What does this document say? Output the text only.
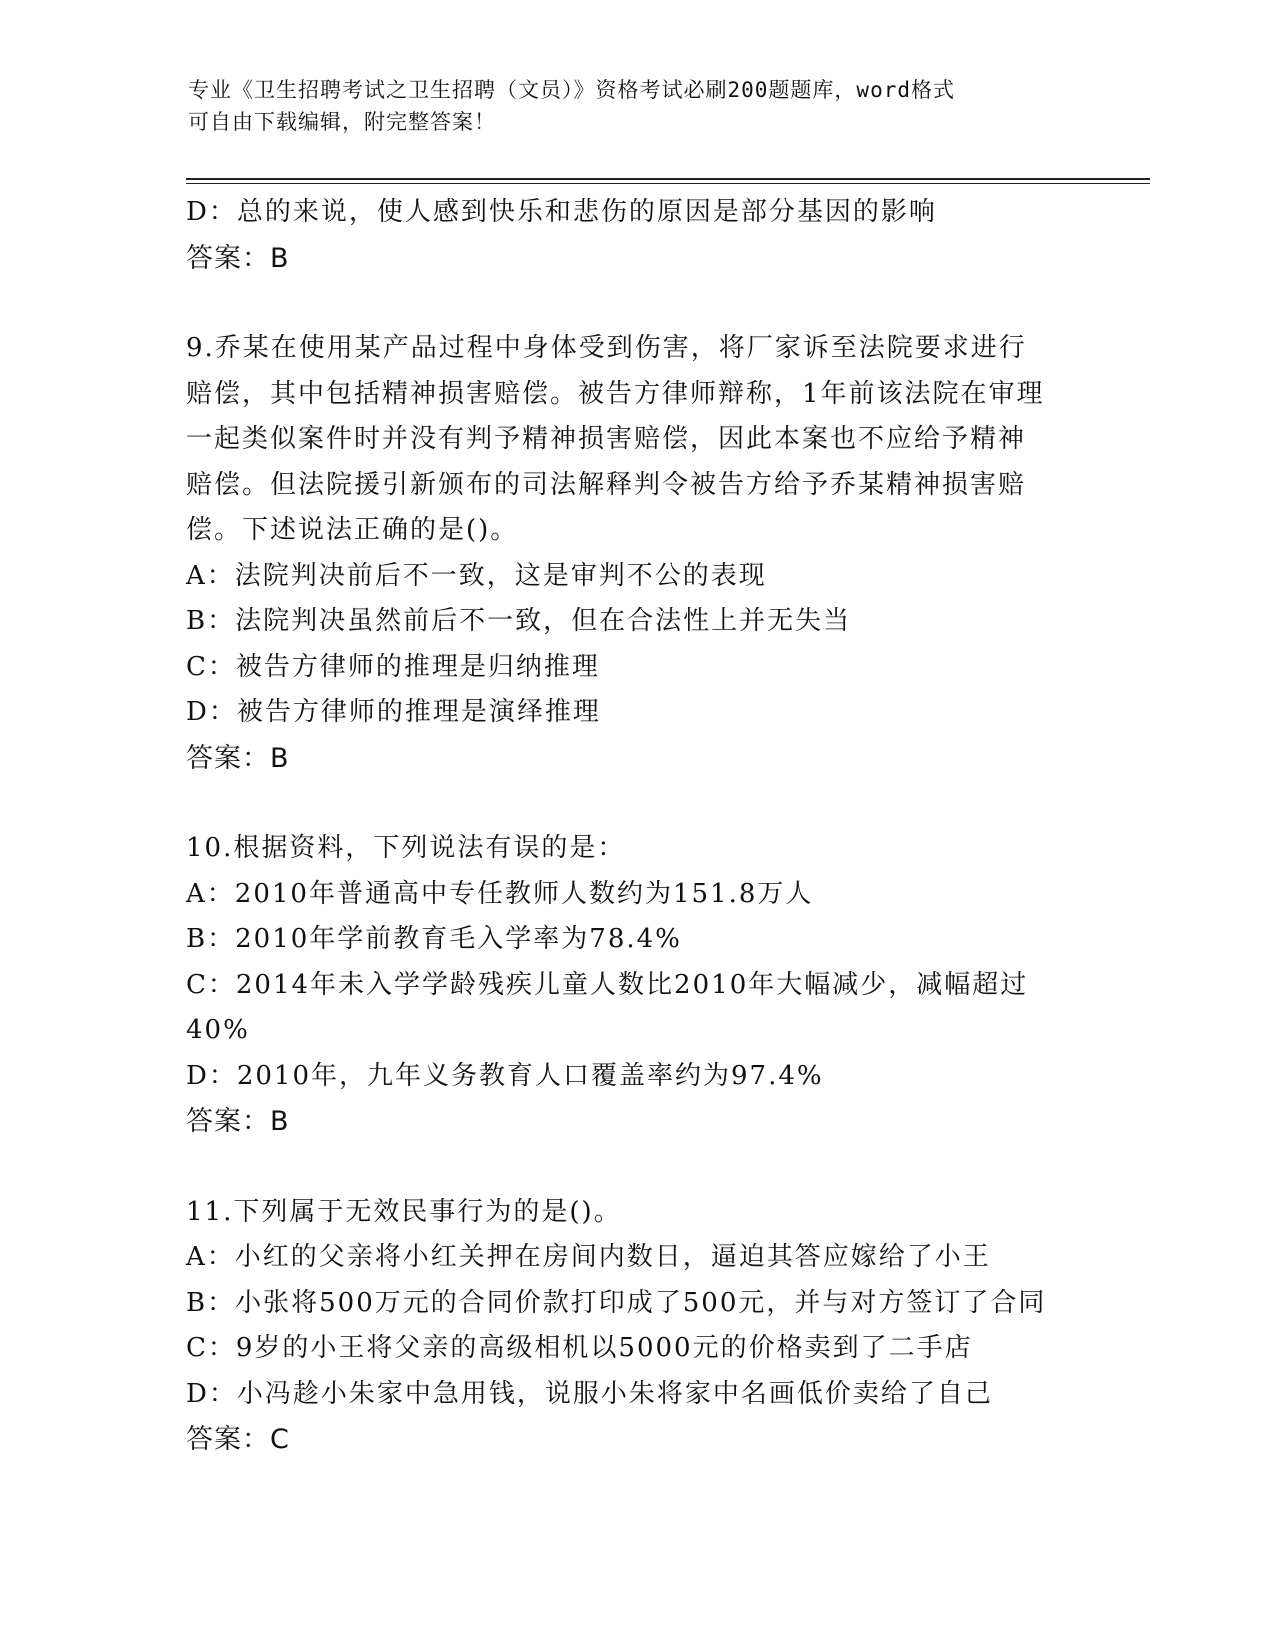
专业《卫生招聘考试之卫生招聘（文员）》资格考试必刷200题题库，word格式
可自由下载编辑，附完整答案！
D：总的来说，使人感到快乐和悲伤的原因是部分基因的影响
答案：B
9.乔某在使用某产品过程中身体受到伤害，将厂家诉至法院要求进行
赔偿，其中包括精神损害赔偿。被告方律师辩称，1年前该法院在审理
一起类似案件时并没有判予精神损害赔偿，因此本案也不应给予精神
赔偿。但法院援引新颁布的司法解释判令被告方给予乔某精神损害赔
偿。下述说法正确的是()。
A：法院判决前后不一致，这是审判不公的表现
B：法院判决虽然前后不一致，但在合法性上并无失当
C：被告方律师的推理是归纳推理
D：被告方律师的推理是演绎推理
答案：B
10.根据资料，下列说法有误的是：
A：2010年普通高中专任教师人数约为151.8万人
B：2010年学前教育毛入学率为78.4%
C：2014年未入学学龄残疾儿童人数比2010年大幅减少，减幅超过
40%
D：2010年，九年义务教育人口覆盖率约为97.4%
答案：B
11.下列属于无效民事行为的是()。
A：小红的父亲将小红关押在房间内数日，逼迫其答应嫁给了小王
B：小张将500万元的合同价款打印成了500元，并与对方签订了合同
C：9岁的小王将父亲的高级相机以5000元的价格卖到了二手店
D：小冯趁小朱家中急用钱，说服小朱将家中名画低价卖给了自己
答案：C
